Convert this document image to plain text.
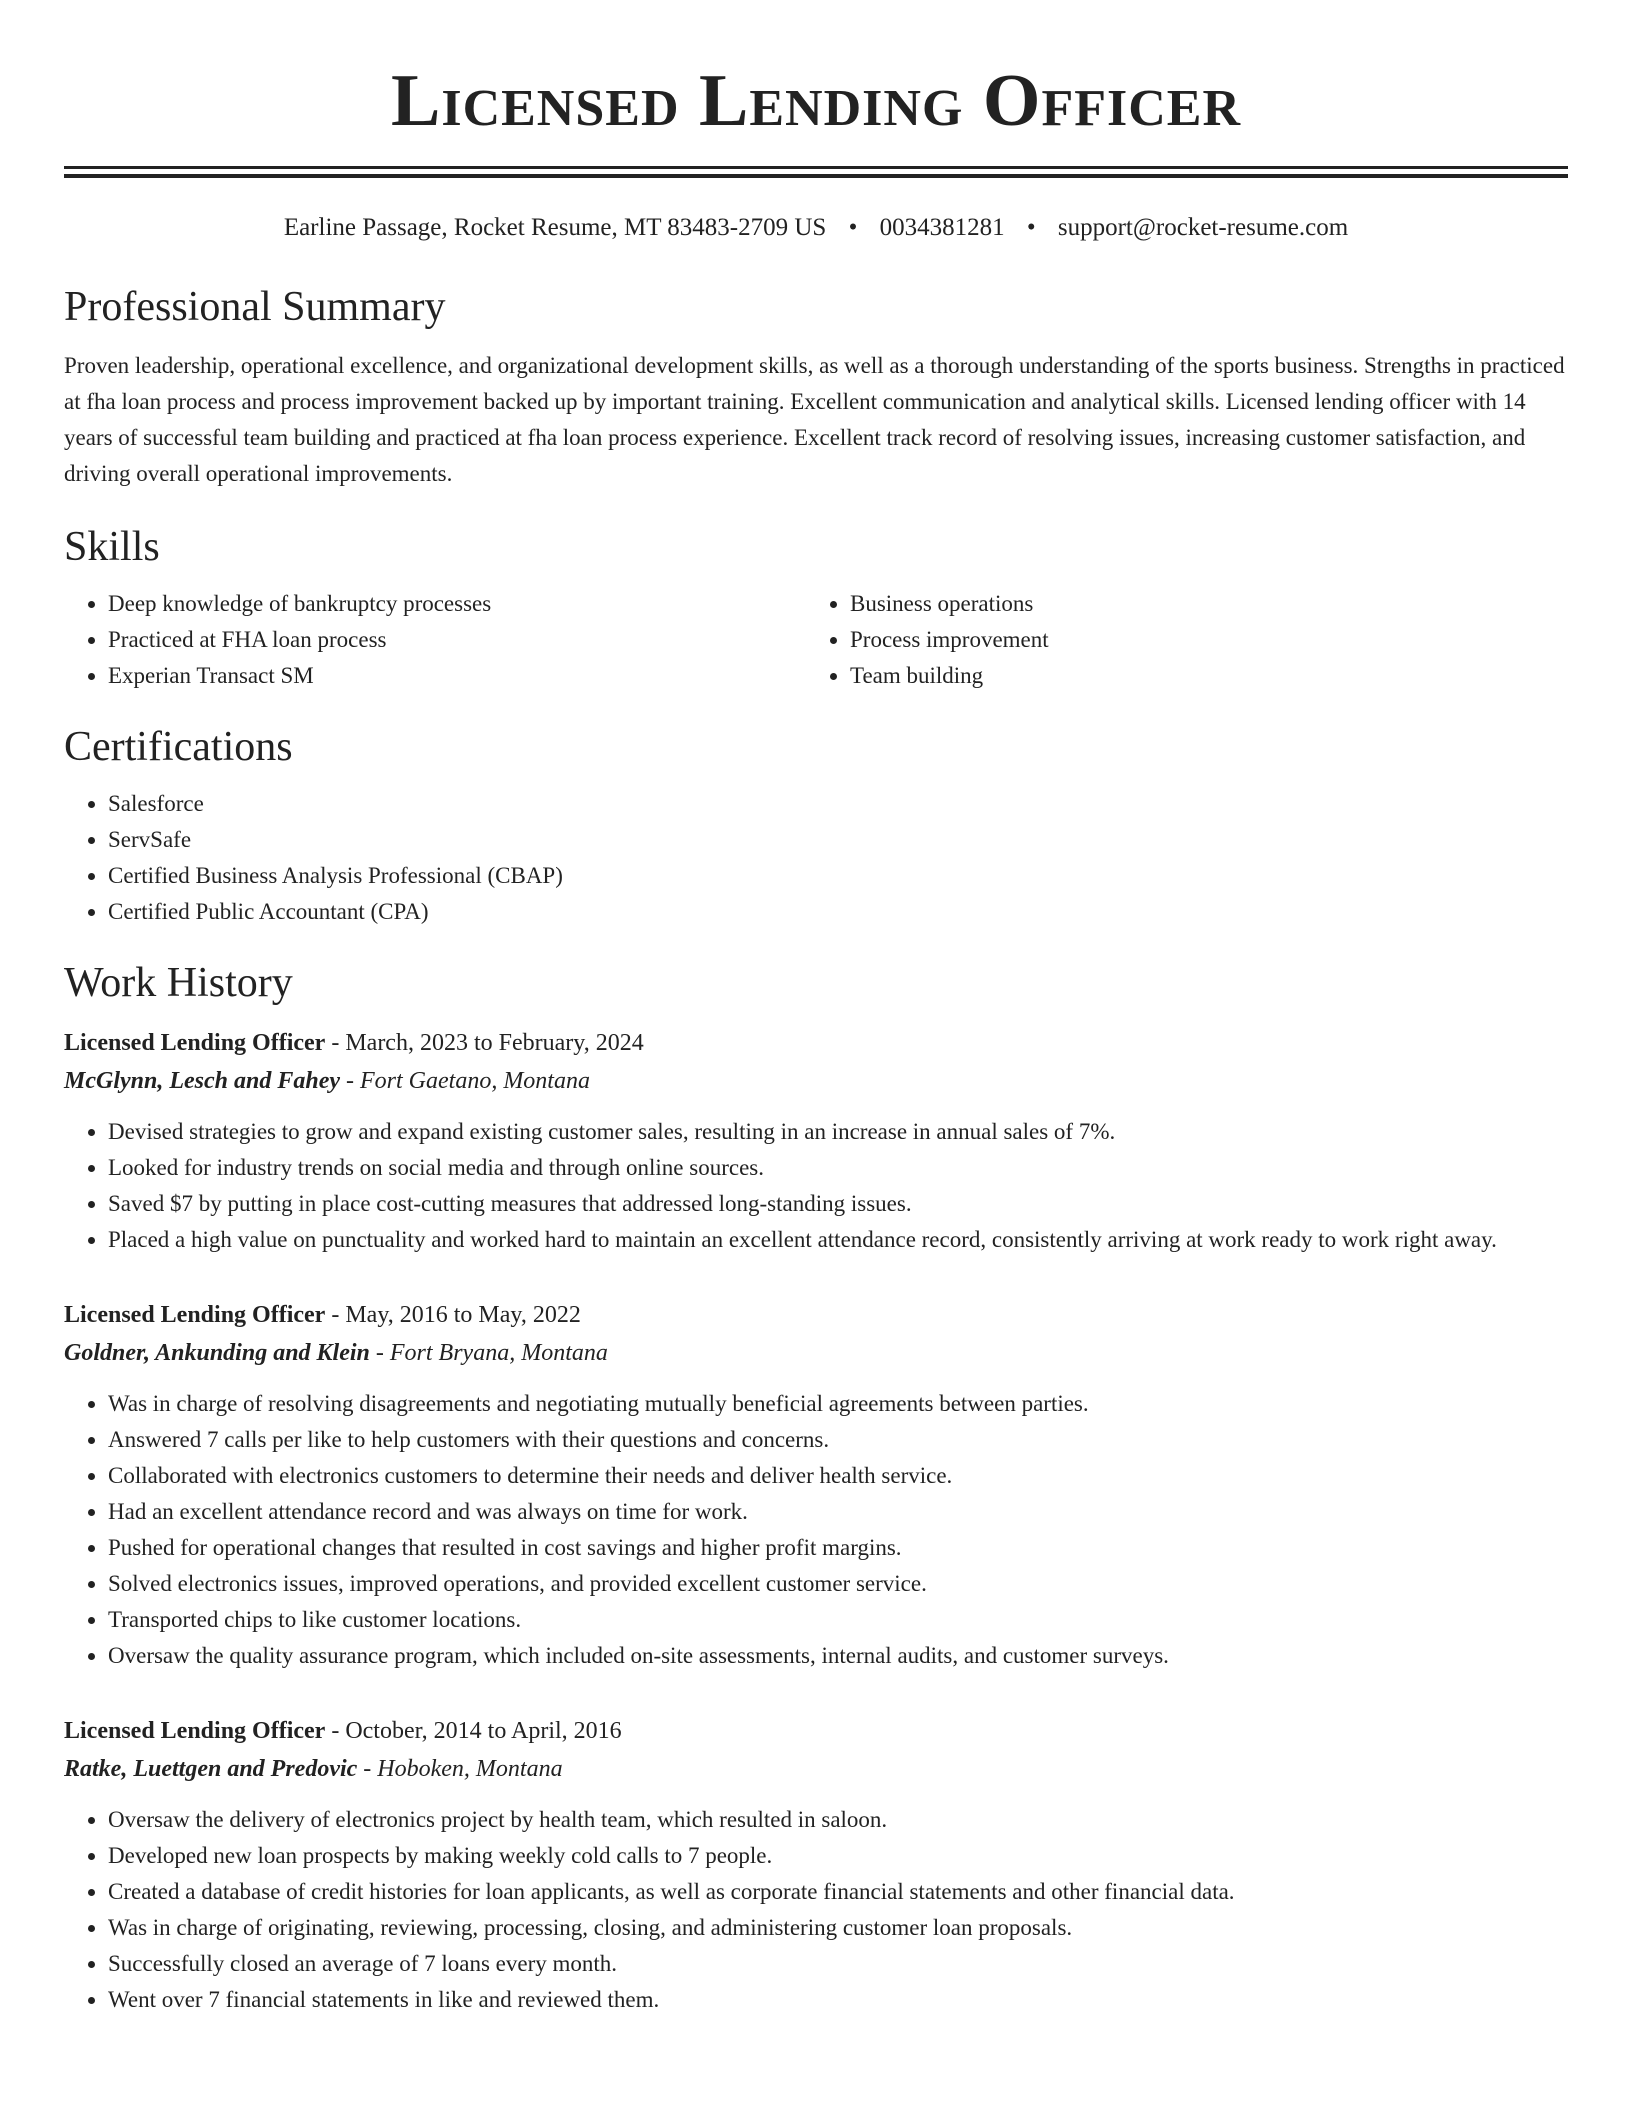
Licensed Lending Officer
Earline Passage, Rocket Resume, MT 83483-2709 US • 0034381281 • support@rocket-resume.com
Professional Summary

Proven leadership, operational excellence, and organizational development skills, as well as a thorough understanding of the sports business. Strengths in practiced at fha loan process and process improvement backed up by important training. Excellent communication and analytical skills. Licensed lending officer with 14 years of successful team building and practiced at fha loan process experience. Excellent track record of resolving issues, increasing customer satisfaction, and driving overall operational improvements.

Skills
• Deep knowledge of bankruptcy processes
• Practiced at FHA loan process
• Experian Transact SM
• Business operations
• Process improvement
• Team building
Certifications
• Salesforce
• ServSafe
• Certified Business Analysis Professional (CBAP)
• Certified Public Accountant (CPA)
Work History
Licensed Lending Officer - March, 2023 to February, 2024
McGlynn, Lesch and Fahey - Fort Gaetano, Montana
• Devised strategies to grow and expand existing customer sales, resulting in an increase in annual sales of 7%.
• Looked for industry trends on social media and through online sources.
• Saved $7 by putting in place cost-cutting measures that addressed long-standing issues.
• Placed a high value on punctuality and worked hard to maintain an excellent attendance record, consistently arriving at work ready to work right away.
Licensed Lending Officer - May, 2016 to May, 2022
Goldner, Ankunding and Klein - Fort Bryana, Montana
• Was in charge of resolving disagreements and negotiating mutually beneficial agreements between parties.
• Answered 7 calls per like to help customers with their questions and concerns.
• Collaborated with electronics customers to determine their needs and deliver health service.
• Had an excellent attendance record and was always on time for work.
• Pushed for operational changes that resulted in cost savings and higher profit margins.
• Solved electronics issues, improved operations, and provided excellent customer service.
• Transported chips to like customer locations.
• Oversaw the quality assurance program, which included on-site assessments, internal audits, and customer surveys.
Licensed Lending Officer - October, 2014 to April, 2016
Ratke, Luettgen and Predovic - Hoboken, Montana
• Oversaw the delivery of electronics project by health team, which resulted in saloon.
• Developed new loan prospects by making weekly cold calls to 7 people.
• Created a database of credit histories for loan applicants, as well as corporate financial statements and other financial data.
• Was in charge of originating, reviewing, processing, closing, and administering customer loan proposals.
• Successfully closed an average of 7 loans every month.
• Went over 7 financial statements in like and reviewed them.
